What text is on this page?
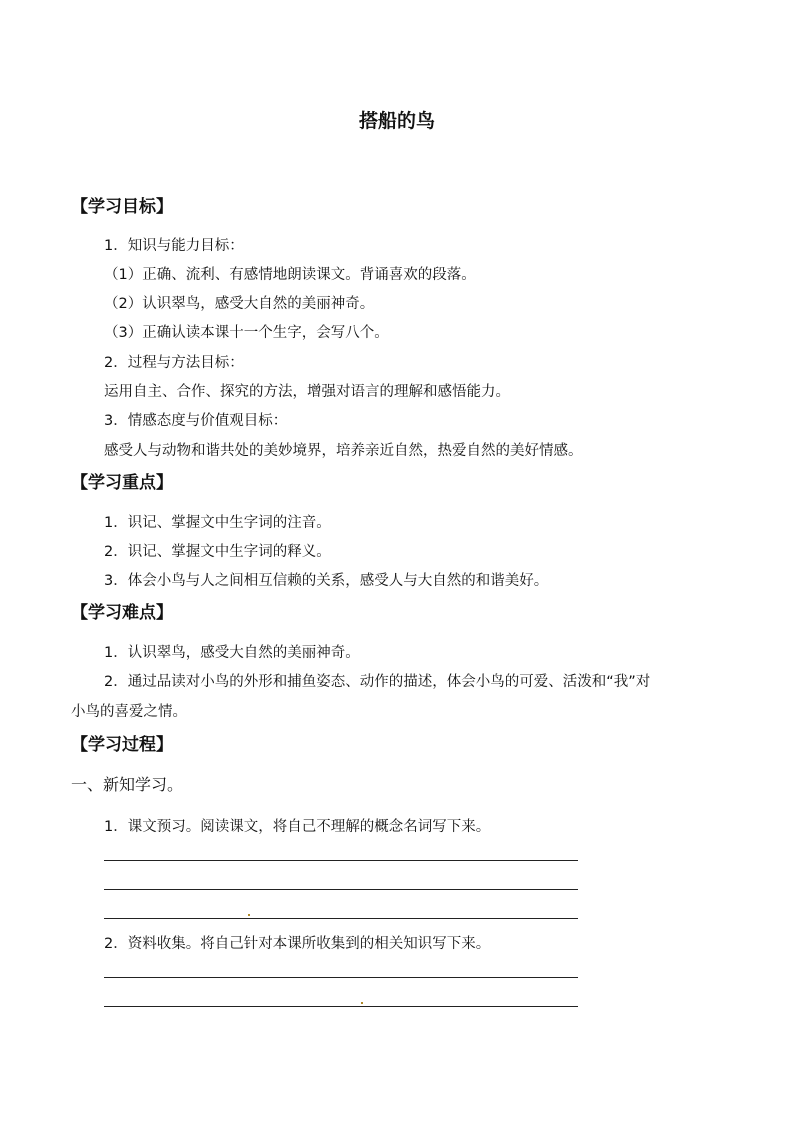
搭船的鸟
【学习目标】
1．知识与能力目标：
（1）正确、流利、有感情地朗读课文。背诵喜欢的段落。
（2）认识翠鸟，感受大自然的美丽神奇。
（3）正确认读本课十一个生字，会写八个。
2．过程与方法目标：
运用自主、合作、探究的方法，增强对语言的理解和感悟能力。
3．情感态度与价值观目标：
感受人与动物和谐共处的美妙境界，培养亲近自然，热爱自然的美好情感。
【学习重点】
1．识记、掌握文中生字词的注音。
2．识记、掌握文中生字词的释义。
3．体会小鸟与人之间相互信赖的关系，感受人与大自然的和谐美好。
【学习难点】
1．认识翠鸟，感受大自然的美丽神奇。
2．通过品读对小鸟的外形和捕鱼姿态、动作的描述，体会小鸟的可爱、活泼和“我”对
小鸟的喜爱之情。
【学习过程】
一、新知学习。
1．课文预习。阅读课文，将自己不理解的概念名词写下来。
2．资料收集。将自己针对本课所收集到的相关知识写下来。
